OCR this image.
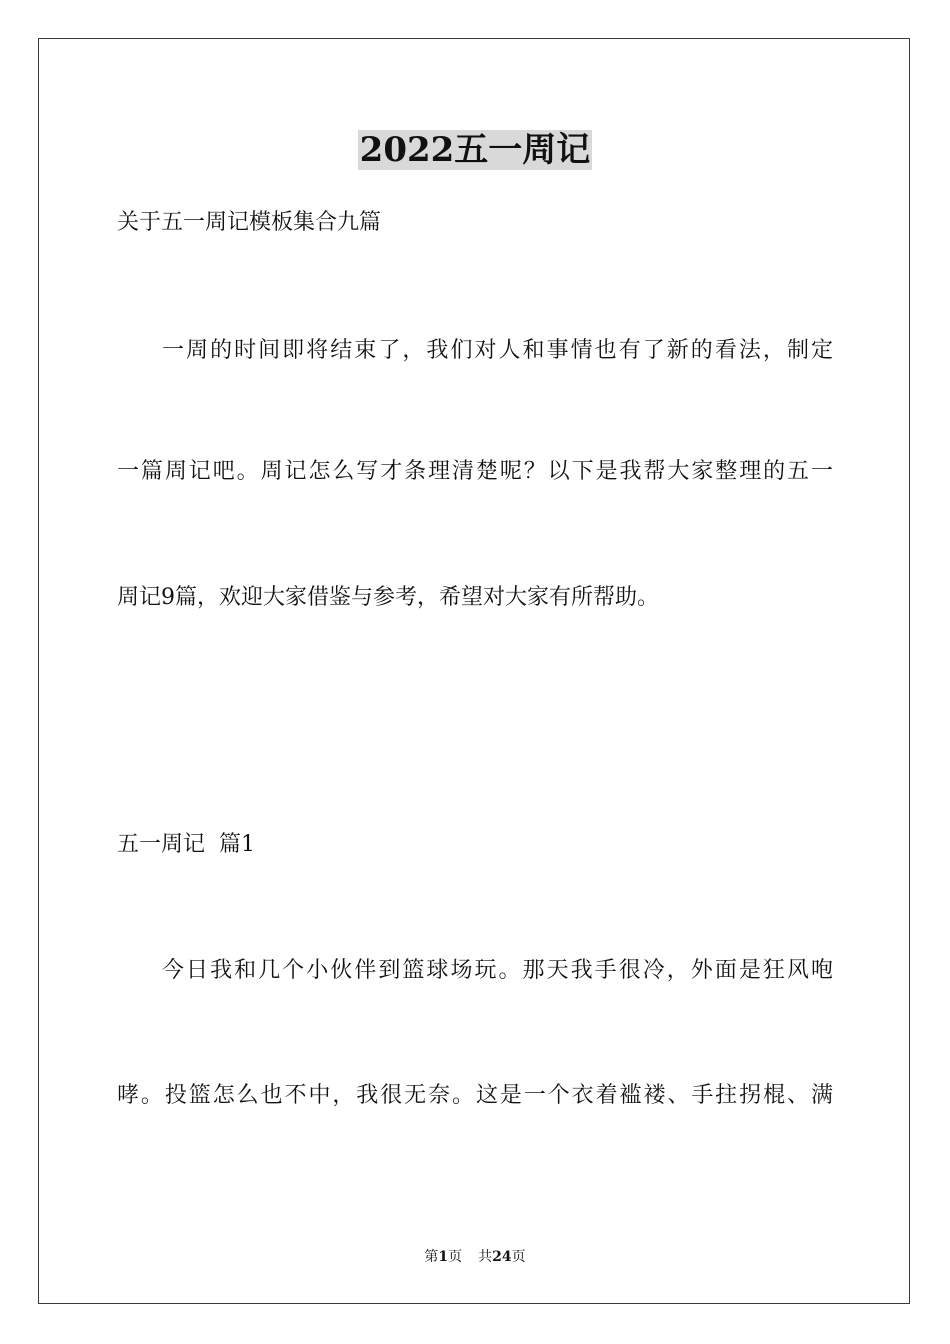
2022五一周记
关于五一周记模板集合九篇
一周的时间即将结束了，我们对人和事情也有了新的看法，制定
一篇周记吧。周记怎么写才条理清楚呢？以下是我帮大家整理的五一
周记9篇，欢迎大家借鉴与参考，希望对大家有所帮助。
五一周记  篇1
今日我和几个小伙伴到篮球场玩。那天我手很冷，外面是狂风咆
哮。投篮怎么也不中，我很无奈。这是一个衣着褴褛、手拄拐棍、满
第1页 共24页
